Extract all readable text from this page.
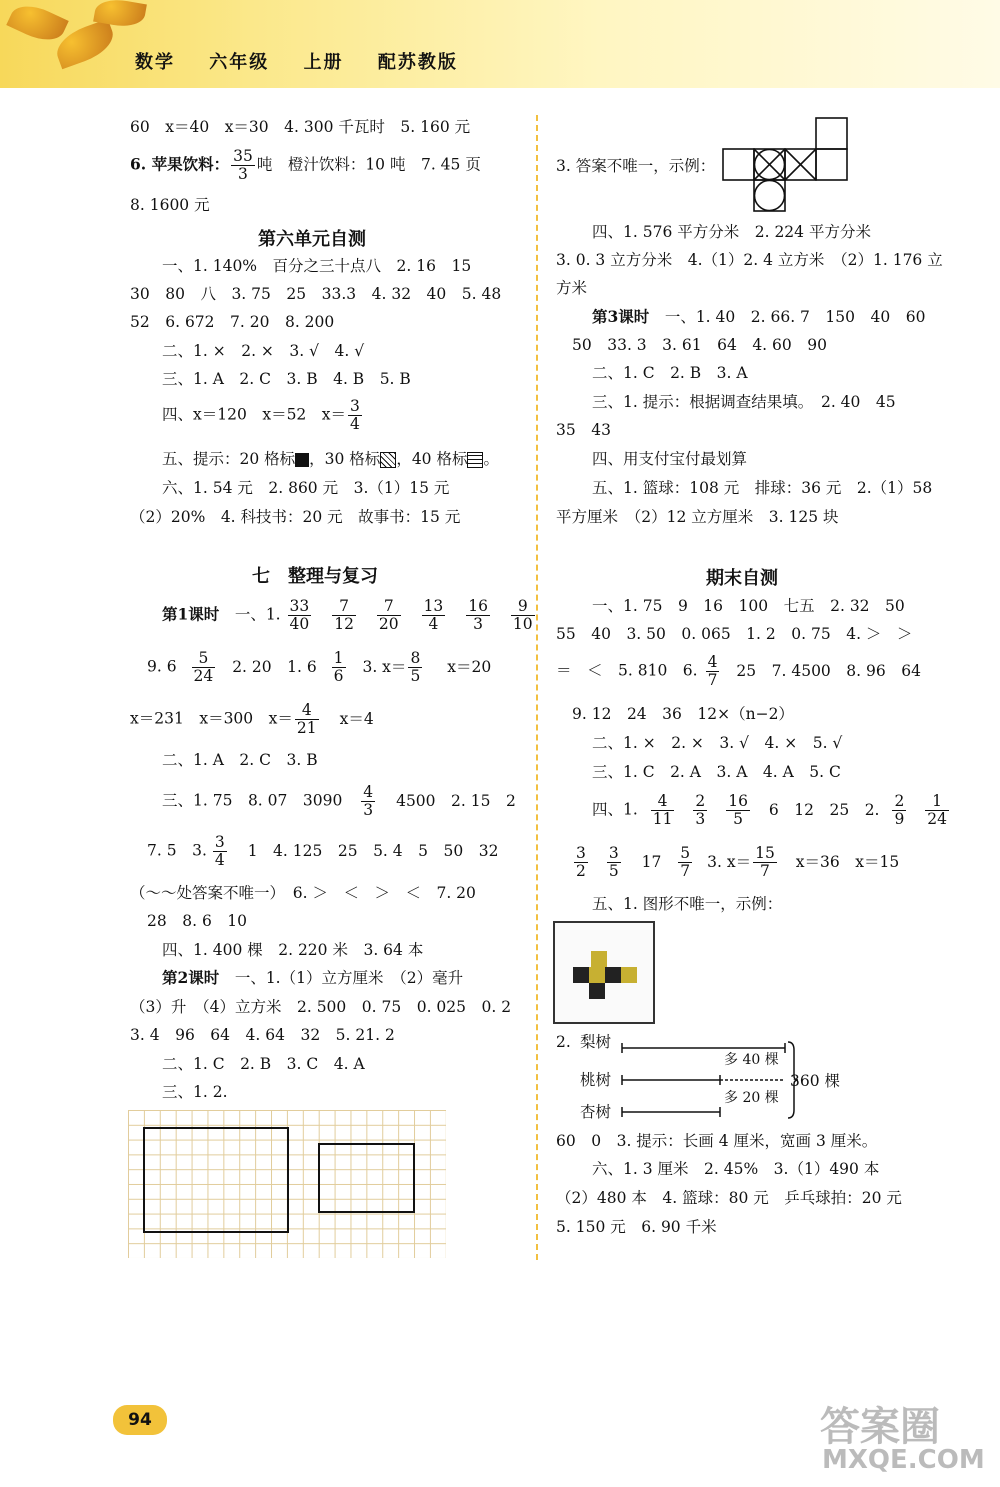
数学 六年级 上册 配苏教版
60　x＝40　x＝30　4. 300 千瓦时　5. 160 元
6. 苹果饮料： $\frac{35}{3}$ 吨　橙汁饮料：10 吨　7. 45 页
8. 1600 元
第六单元自测
一、1. 140%　百分之三十点八　2. 16　15
30　80　八　3. 75　25　33.3　4. 32　40　5. 48
52　6. 672　7. 20　8. 200
二、1. ×　2. ×　3. √　4. √
三、1. A　2. C　3. B　4. B　5. B
四、x＝120　x＝52　$x= \frac{3}{4}$
五、提示：20 格标 ，30 格标 ，40 格标 。
六、1. 54 元　2. 860 元　3.（1）15 元
（2）20%　4. 科技书：20 元　故事书：15 元
七　整理与复习
第1课时　 一、1. $\frac{33}{40}$
$\frac{7}{12}$
$\frac{7}{20}$
$\frac{13}{4}$
$\frac{16}{3}$
$\frac{9}{10}$
9. $6 \frac{5}{24} 2$. 20　1. $6 \frac{1}{6} 3$. $x= \frac{8}{5} x=20$
x＝231　x＝300　$x= \frac{4}{21} x=4$
二、1. A　2. C　3. B
三、1. 75　8. 07　$3090 \frac{4}{3} 4500$　2. 15　2
7. 5　3. $\frac{3}{4} 1$　4. 125　25　5. 4　5　50　32
（～～处答案不唯一）　6. ＞　＜　＞　＜　7. 20
28　8. 6　10
四、1. 400 棵　2. 220 米　3. 64 本
第2课时　 一、1.（1）立方厘米　（2）毫升
（3）升　（4）立方米　2. 500　0. 75　0. 025　0. 2
3. 4　96　64　4. 64　32　5. 21. 2
二、1. C　2. B　3. C　4. A
三、1. 2.
3. 答案不唯一，示例：
四、1. 576 平方分米　2. 224 平方分米
3. 0. 3 立方分米　4.（1）2. 4 立方米　（2）1. 176 立
方米
第3课时　 一、1. 40　2. 66. 7　150　40　60
50　33. 3　3. 61　64　4. 60　90
二、1. C　2. B　3. A
三、1. 提示：根据调查结果填。　2. 40　45
35　43
四、用支付宝付最划算
五、1. 篮球：108 元　排球：36 元　2.（1）58
平方厘米　（2）12 立方厘米　3. 125 块
期末自测
一、1. 75　9　16　100　七五　2. 32　50
55　40　3. 50　0. 065　1. 2　0. 75　4. ＞　＞
＝　＜　5. 810　6. $\frac{4}{7} 25$　7. 4500　8. 96　64
9. 12　24　36　12×（n−2）
二、1. ×　2. ×　3. √　4. ×　5. √
三、1. C　2. A　3. A　4. A　5. C
四、1. $\frac{4}{11}$
$\frac{2}{3}$
$\frac{16}{5} 6$　12　25　2. $\frac{2}{9}$
$\frac{1}{24}$
$\frac{3}{2}$
$\frac{3}{5} 17 \frac{5}{7} 3$. $x= \frac{15}{7} x=36$　x＝15
五、1. 图形不唯一，示例：
2. 梨树
桃树
杏树
多 40 棵
多 20 棵
360 棵
60　0　3. 提示：长画 4 厘米，宽画 3 厘米。
六、1. 3 厘米　2. 45%　3.（1）490 本
（2）480 本　4. 篮球：80 元　乒乓球拍：20 元
5. 150 元　6. 90 千米
94	答案圈
MXQE.COM
